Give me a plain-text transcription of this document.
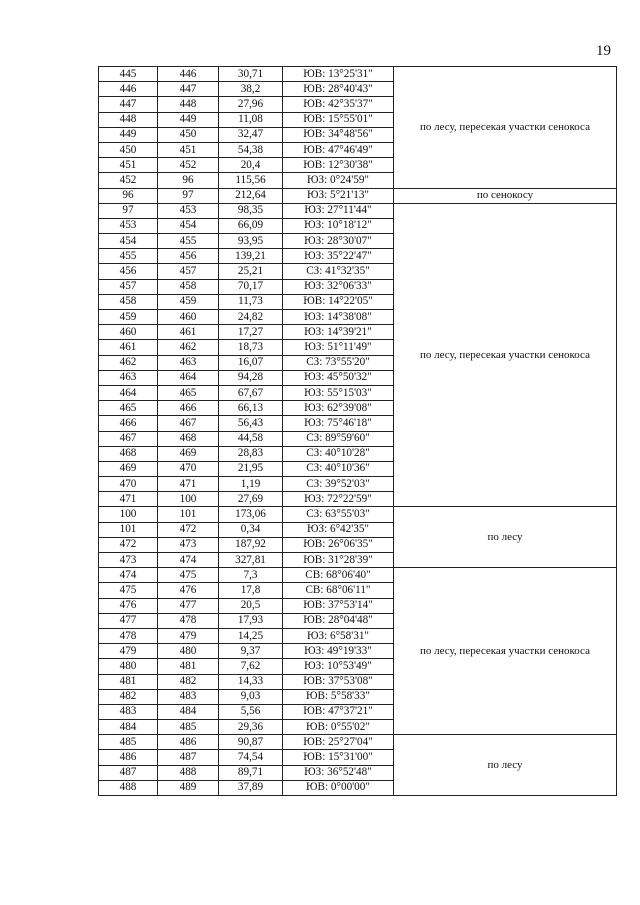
19
445	446	30,71	ЮВ: 13°25'31"	по лесу, пересекая участки сенокоса
446	447	38,2	ЮВ: 28°40'43"	
447	448	27,96	ЮВ: 42°35'37"	
448	449	11,08	ЮВ: 15°55'01"	
449	450	32,47	ЮВ: 34°48'56"	
450	451	54,38	ЮВ: 47°46'49"	
451	452	20,4	ЮВ: 12°30'38"	
452	96	115,56	ЮЗ: 0°24'59"	
96	97	212,64	ЮЗ: 5°21'13"	по сенокосу
97	453	98,35	ЮЗ: 27°11'44"	по лесу, пересекая участки сенокоса
453	454	66,09	ЮЗ: 10°18'12"	
454	455	93,95	ЮЗ: 28°30'07"	
455	456	139,21	ЮЗ: 35°22'47"	
456	457	25,21	СЗ: 41°32'35"	
457	458	70,17	ЮЗ: 32°06'33"	
458	459	11,73	ЮВ: 14°22'05"	
459	460	24,82	ЮЗ: 14°38'08"	
460	461	17,27	ЮЗ: 14°39'21"	
461	462	18,73	ЮЗ: 51°11'49"	
462	463	16,07	СЗ: 73°55'20"	
463	464	94,28	ЮЗ: 45°50'32"	
464	465	67,67	ЮЗ: 55°15'03"	
465	466	66,13	ЮЗ: 62°39'08"	
466	467	56,43	ЮЗ: 75°46'18"	
467	468	44,58	СЗ: 89°59'60"	
468	469	28,83	СЗ: 40°10'28"	
469	470	21,95	СЗ: 40°10'36"	
470	471	1,19	СЗ: 39°52'03"	
471	100	27,69	ЮЗ: 72°22'59"	
100	101	173,06	СЗ: 63°55'03"	по лесу
101	472	0,34	ЮЗ: 6°42'35"	
472	473	187,92	ЮВ: 26°06'35"	
473	474	327,81	ЮВ: 31°28'39"	
474	475	7,3	СВ: 68°06'40"	по лесу, пересекая участки сенокоса
475	476	17,8	СВ: 68°06'11"	
476	477	20,5	ЮВ: 37°53'14"	
477	478	17,93	ЮВ: 28°04'48"	
478	479	14,25	ЮЗ: 6°58'31"	
479	480	9,37	ЮЗ: 49°19'33"	
480	481	7,62	ЮЗ: 10°53'49"	
481	482	14,33	ЮВ: 37°53'08"	
482	483	9,03	ЮВ: 5°58'33"	
483	484	5,56	ЮВ: 47°37'21"	
484	485	29,36	ЮВ: 0°55'02"	
485	486	90,87	ЮВ: 25°27'04"	по лесу
486	487	74,54	ЮВ: 15°31'00"	
487	488	89,71	ЮЗ: 36°52'48"	
488	489	37,89	ЮВ: 0°00'00"	
